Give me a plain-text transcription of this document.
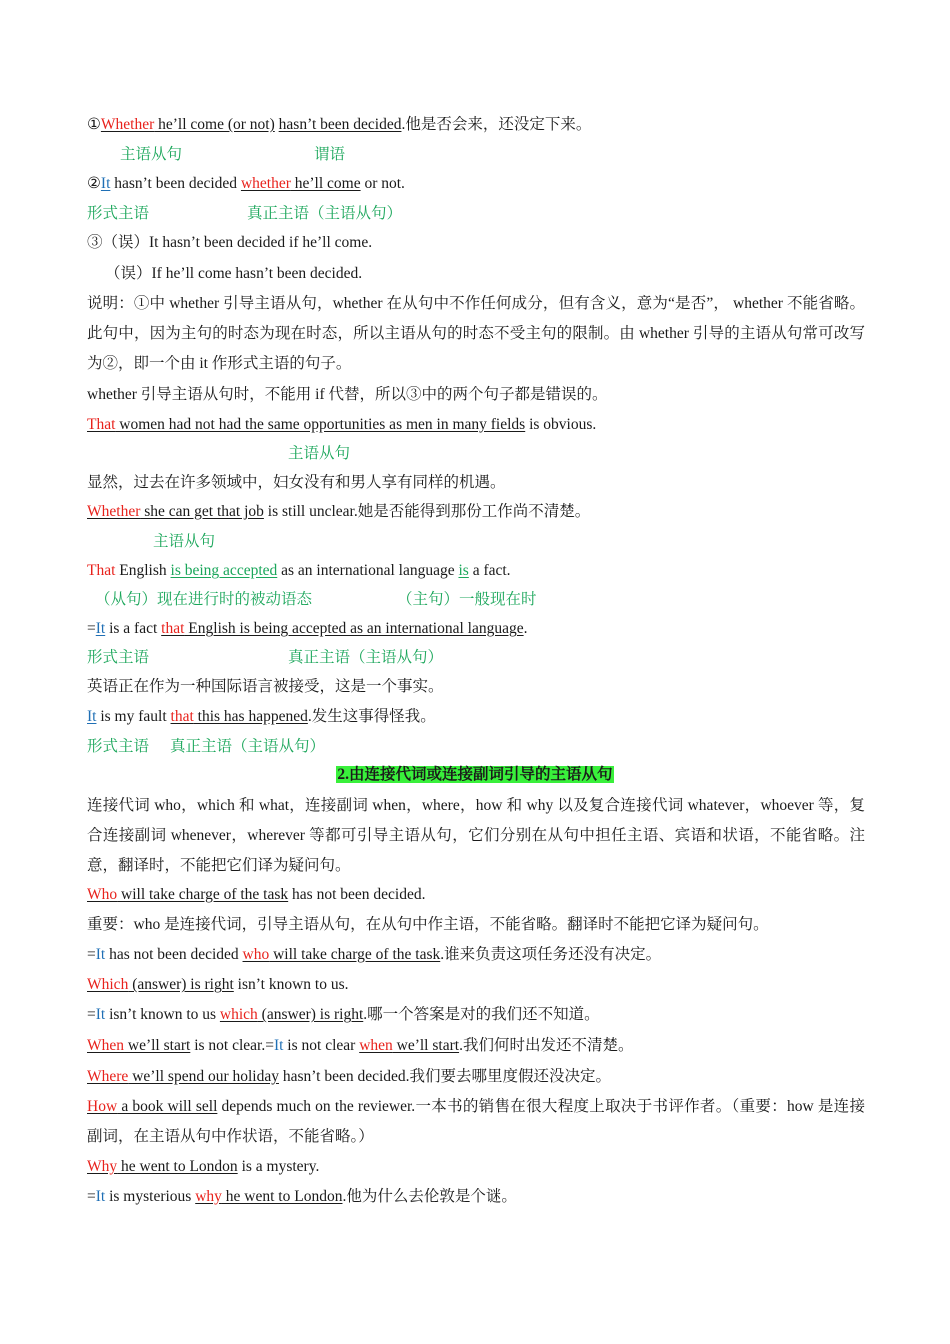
①Whether he’ll come (or not) hasn’t been decided.他是否会来，还没定下来。
主语从句	谓语
②It hasn’t been decided whether he’ll come or not.
形式主语	真正主语（主语从句）
③（误）It hasn’t been decided if he’ll come.
（误）If he’ll come hasn’t been decided.
说明：①中 whether 引导主语从句，whether 在从句中不作任何成分，但有含义，意为“是否”， whether 不能省略。此句中，因为主句的时态为现在时态，所以主语从句的时态不受主句的限制。由 whether 引导的主语从句常可改写为②，即一个由 it 作形式主语的句子。
whether 引导主语从句时，不能用 if 代替，所以③中的两个句子都是错误的。
That women had not had the same opportunities as men in many fields is obvious.
主语从句
显然，过去在许多领域中，妇女没有和男人享有同样的机遇。
Whether she can get that job is still unclear.她是否能得到那份工作尚不清楚。
主语从句
That English is being accepted as an international language is a fact.
（从句）现在进行时的被动语态	（主句）一般现在时
=It is a fact that English is being accepted as an international language.
形式主语	真正主语（主语从句）
英语正在作为一种国际语言被接受，这是一个事实。
It is my fault that this has happened.发生这事得怪我。
形式主语 真正主语（主语从句）
2.由连接代词或连接副词引导的主语从句
连接代词 who，which 和 what，连接副词 when，where，how 和 why 以及复合连接代词 whatever，whoever 等，复合连接副词 whenever，wherever 等都可引导主语从句，它们分别在从句中担任主语、宾语和状语，不能省略。注意，翻译时，不能把它们译为疑问句。
Who will take charge of the task has not been decided.
重要：who 是连接代词，引导主语从句，在从句中作主语，不能省略。翻译时不能把它译为疑问句。
=It has not been decided who will take charge of the task.谁来负责这项任务还没有决定。
Which (answer) is right isn’t known to us.
=It isn’t known to us which (answer) is right.哪一个答案是对的我们还不知道。
When we’ll start is not clear.=It is not clear when we’ll start.我们何时出发还不清楚。
Where we’ll spend our holiday hasn’t been decided.我们要去哪里度假还没决定。
How a book will sell depends much on the reviewer.一本书的销售在很大程度上取决于书评作者。（重要：how 是连接副词，在主语从句中作状语，不能省略。）
Why he went to London is a mystery.
=It is mysterious why he went to London.他为什么去伦敦是个谜。
